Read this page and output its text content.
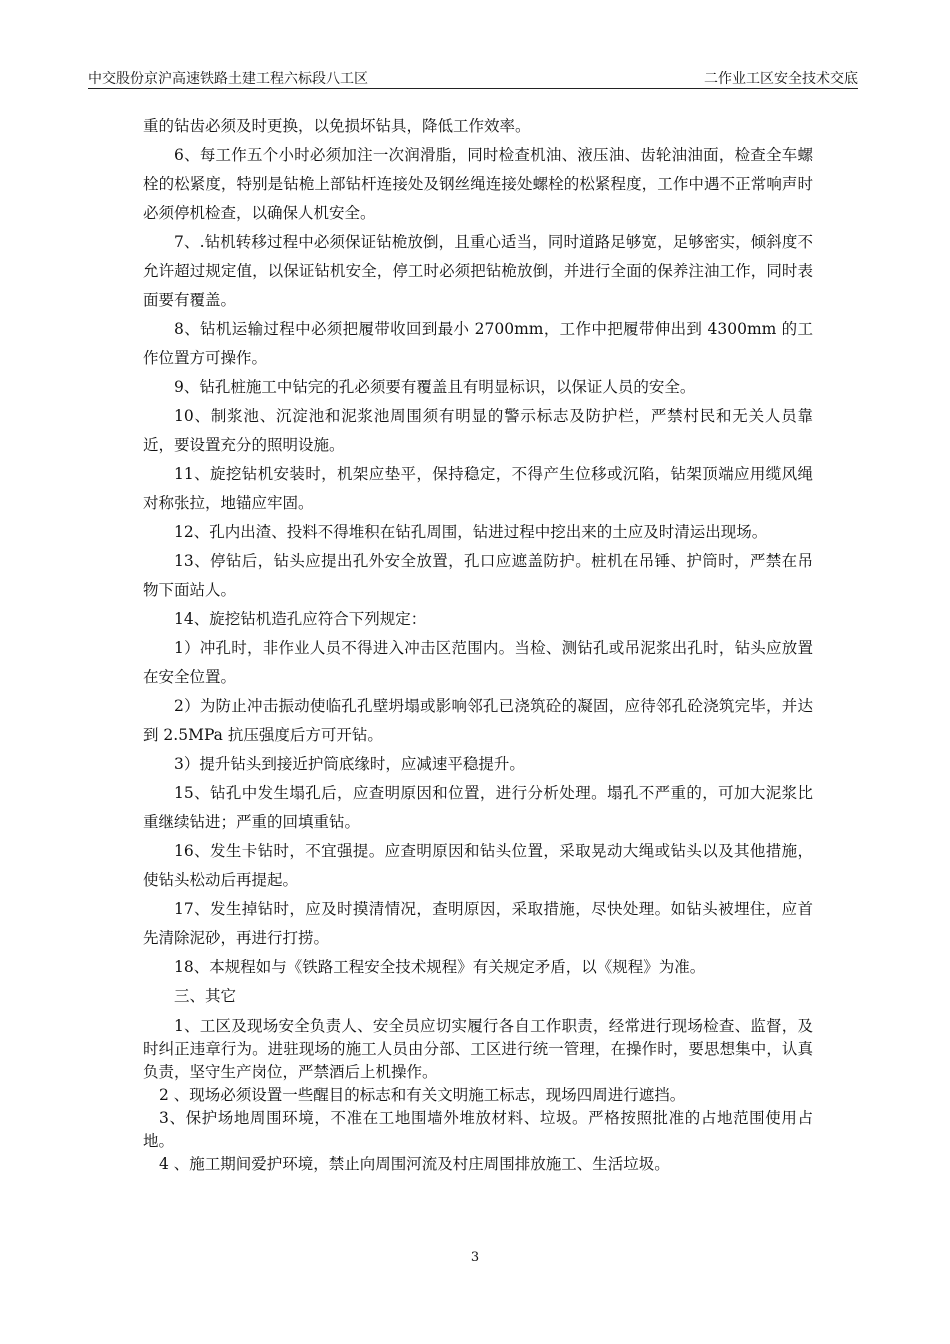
中交股份京沪高速铁路土建工程六标段八工区	二作业工区安全技术交底

重的钻齿必须及时更换，以免损坏钻具，降低工作效率。

6、每工作五个小时必须加注一次润滑脂，同时检查机油、液压油、齿轮油油面，检查全车螺栓的松紧度，特别是钻桅上部钻杆连接处及钢丝绳连接处螺栓的松紧程度，工作中遇不正常响声时必须停机检查，以确保人机安全。

7、.钻机转移过程中必须保证钻桅放倒，且重心适当，同时道路足够宽，足够密实，倾斜度不允许超过规定值，以保证钻机安全，停工时必须把钻桅放倒，并进行全面的保养注油工作，同时表面要有覆盖。

8、钻机运输过程中必须把履带收回到最小 2700mm，工作中把履带伸出到 4300mm 的工作位置方可操作。

9、钻孔桩施工中钻完的孔必须要有覆盖且有明显标识，以保证人员的安全。

10、制浆池、沉淀池和泥浆池周围须有明显的警示标志及防护栏，严禁村民和无关人员靠近，要设置充分的照明设施。

11、旋挖钻机安装时，机架应垫平，保持稳定，不得产生位移或沉陷，钻架顶端应用缆风绳对称张拉，地锚应牢固。

12、孔内出渣、投料不得堆积在钻孔周围，钻进过程中挖出来的土应及时清运出现场。

13、停钻后，钻头应提出孔外安全放置，孔口应遮盖防护。桩机在吊锤、护筒时，严禁在吊物下面站人。

14、旋挖钻机造孔应符合下列规定：

1）冲孔时，非作业人员不得进入冲击区范围内。当检、测钻孔或吊泥浆出孔时，钻头应放置在安全位置。

2）为防止冲击振动使临孔孔壁坍塌或影响邻孔已浇筑砼的凝固，应待邻孔砼浇筑完毕，并达到 2.5MPa 抗压强度后方可开钻。

3）提升钻头到接近护筒底缘时，应减速平稳提升。

15、钻孔中发生塌孔后，应查明原因和位置，进行分析处理。塌孔不严重的，可加大泥浆比重继续钻进；严重的回填重钻。

16、发生卡钻时，不宜强提。应查明原因和钻头位置，采取晃动大绳或钻头以及其他措施，使钻头松动后再提起。

17、发生掉钻时，应及时摸清情况，查明原因，采取措施，尽快处理。如钻头被埋住，应首先清除泥砂，再进行打捞。

18、本规程如与《铁路工程安全技术规程》有关规定矛盾，以《规程》为准。

三、其它

1、工区及现场安全负责人、安全员应切实履行各自工作职责，经常进行现场检查、监督，及时纠正违章行为。进驻现场的施工人员由分部、工区进行统一管理，在操作时，要思想集中，认真负责，坚守生产岗位，严禁酒后上机操作。

2 、现场必须设置一些醒目的标志和有关文明施工标志，现场四周进行遮挡。

3、保护场地周围环境，不准在工地围墙外堆放材料、垃圾。严格按照批准的占地范围使用占地。

4 、施工期间爱护环境，禁止向周围河流及村庄周围排放施工、生活垃圾。

3
